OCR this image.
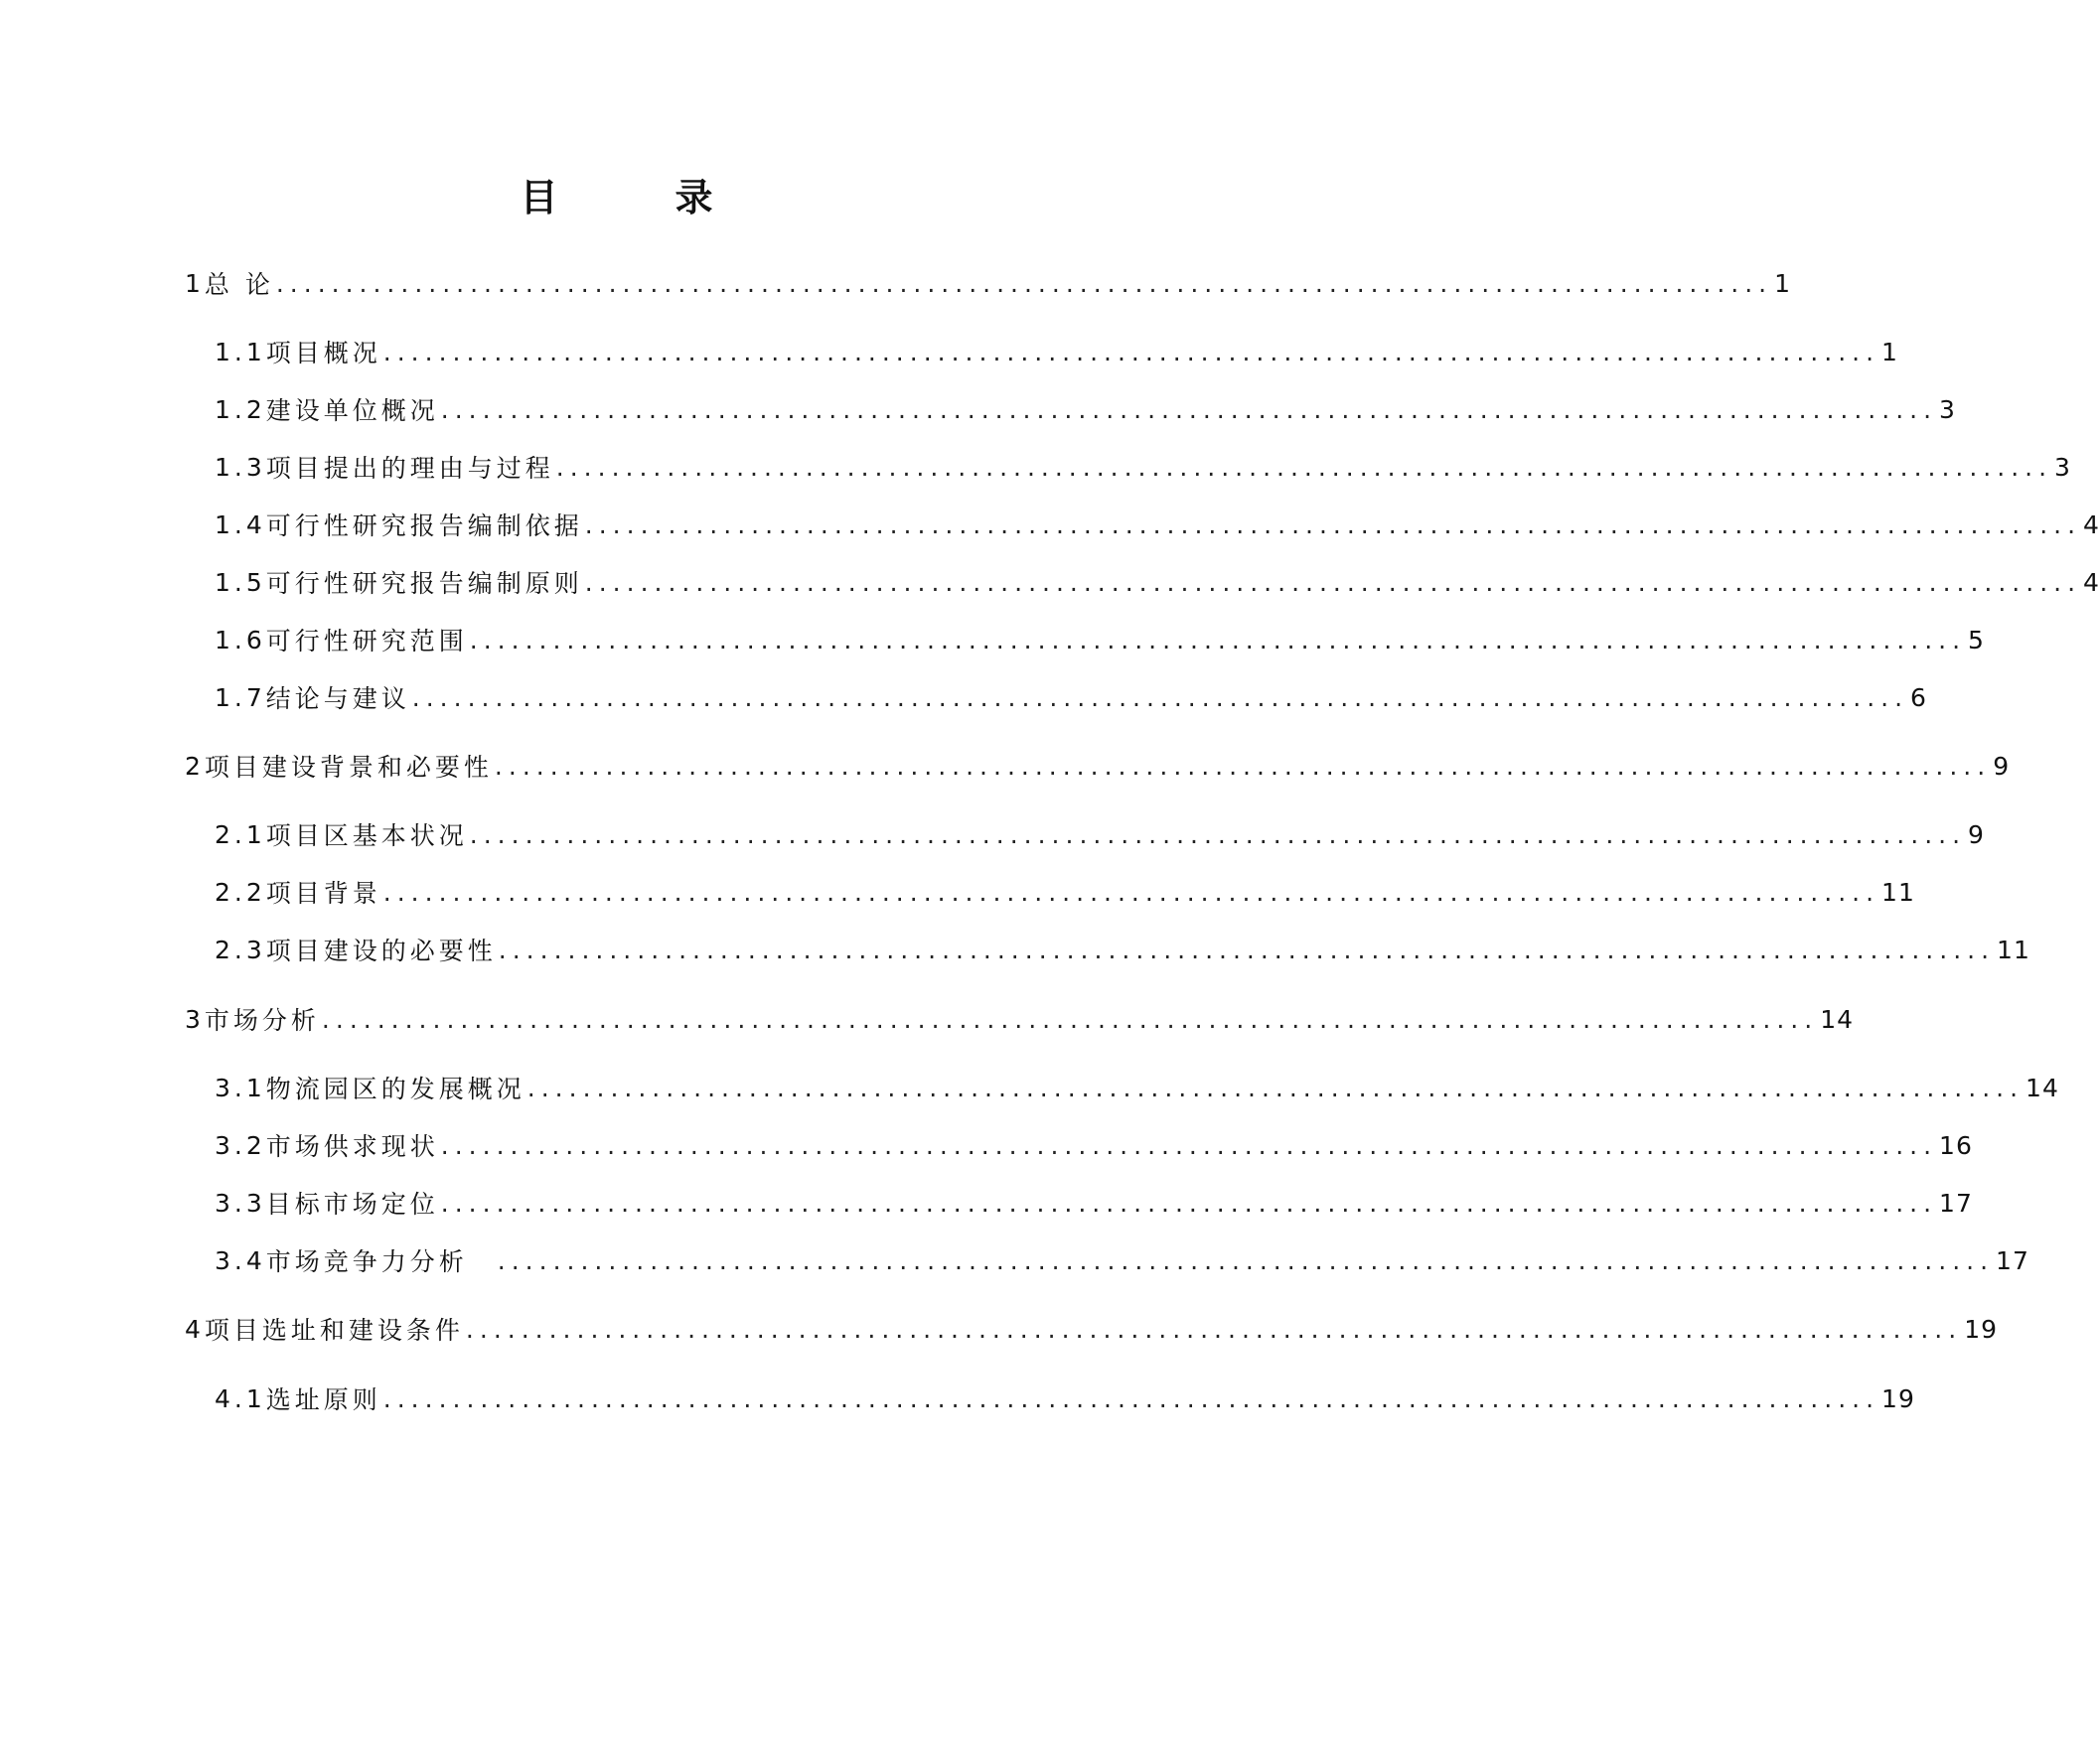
目　录
1 总 论 ............................................................................................................ 1
1.1 项目概况 ............................................................................................................ 1
1.2 建设单位概况 ............................................................................................................ 3
1.3 项目提出的理由与过程 ............................................................................................................ 3
1.4 可行性研究报告编制依据 ............................................................................................................ 4
1.5 可行性研究报告编制原则 ............................................................................................................ 4
1.6 可行性研究范围 ............................................................................................................ 5
1.7 结论与建议 ............................................................................................................ 6
2 项目建设背景和必要性 ............................................................................................................ 9
2.1 项目区基本状况 ............................................................................................................ 9
2.2 项目背景 ............................................................................................................ 11
2.3 项目建设的必要性 ............................................................................................................ 11
3 市场分析 ............................................................................................................ 14
3.1 物流园区的发展概况 ............................................................................................................ 14
3.2 市场供求现状 ............................................................................................................ 16
3.3 目标市场定位 ............................................................................................................ 17
3.4 市场竞争力分析 ............................................................................................................ 17
4 项目选址和建设条件 ............................................................................................................ 19
4.1 选址原则 ............................................................................................................ 19
